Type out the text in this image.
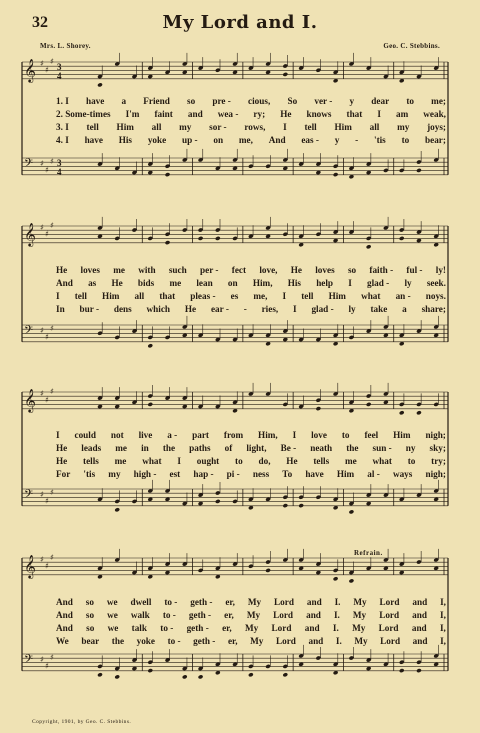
32	My Lord and I.
Mrs. L. Shorey.	Geo. C. Stebbins.
𝄞 ♯
♯
♯
3
4
𝄢 ♯
♯
♯ 3
4
𝄞 ♯
♯
♯
𝄢 ♯
♯
♯
𝄞 ♯
♯
♯
𝄢 ♯
♯
♯
𝄞 ♯
♯
♯
𝄢 ♯
♯
♯
1. I have a Friend so pre - cious, So ver - y dear to me;
2. Some-times I'm faint and wea - ry; He knows that I am weak,
3. I tell Him all my sor - rows, I tell Him all my joys;
4. I have His yoke up - on me, And eas - y - 'tis to bear;
He loves me with such per - fect love, He loves so faith - ful - ly!
And as He bids me lean on Him, His help I glad - ly seek.
I tell Him all that pleas - es me, I tell Him what an - noys.
In bur - dens which He ear - - ries, I glad - ly take a share;
I could not live a - part from Him, I love to feel Him nigh;
He leads me in the paths of light, Be - neath the sun - ny sky;
He tells me what I ought to do, He tells me what to try;
For 'tis my high - est hap - pi - ness To have Him al - ways nigh;
Refrain.
And so we dwell to - geth - er, My Lord and I. My Lord and I,
And so we walk to - geth - er, My Lord and I. My Lord and I,
And so we talk to - geth - er, My Lord and I. My Lord and I,
We bear the yoke to - geth - er, My Lord and I. My Lord and I,
Copyright, 1901, by Geo. C. Stebbins.
